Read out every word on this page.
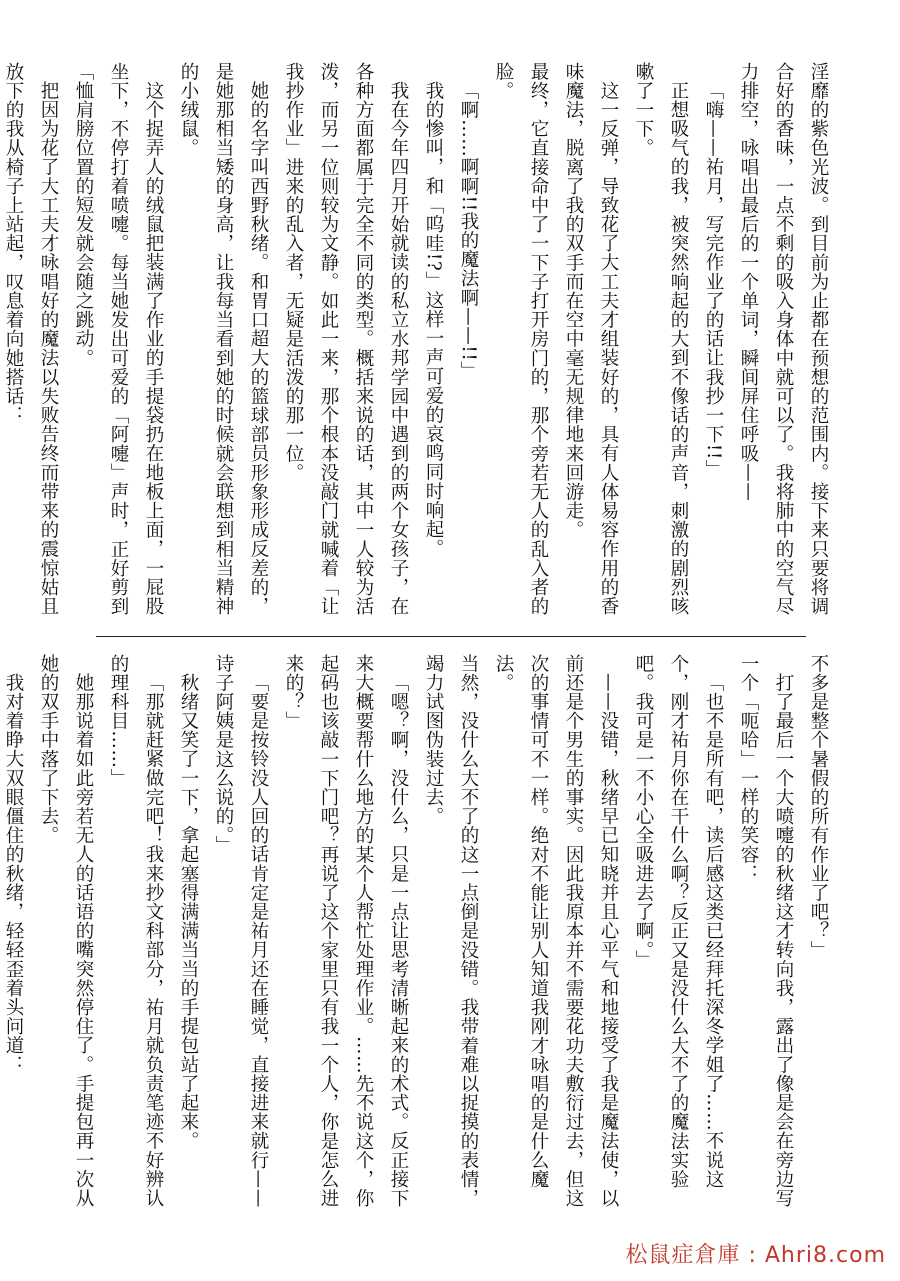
淫靡的紫色光波。到目前为止都在预想的范围内。接下来只要将调合好的香味，一点不剩的吸入身体中就可以了。我将肺中的空气尽力排空，咏唱出最后的一个单词，瞬间屏住呼吸——

「嗨——祐月，写完作业了的话让我抄一下!!」

正想吸气的我，被突然响起的大到不像话的声音，刺激的剧烈咳嗽了一下。

这一反弹，导致花了大工夫才组装好的，具有人体易容作用的香味魔法，脱离了我的双手而在空中毫无规律地来回游走。

最终，它直接命中了一下子打开房门的，那个旁若无人的乱入者的脸。

「啊……啊啊!!我的魔法啊——!!」

我的惨叫，和「呜哇!?」这样一声可爱的哀鸣同时响起。

我在今年四月开始就读的私立水邦学园中遇到的两个女孩子，在各种方面都属于完全不同的类型。概括来说的话，其中一人较为活泼，而另一位则较为文静。如此一来，那个根本没敲门就喊着「让我抄作业」进来的乱入者，无疑是活泼的那一位。

她的名字叫西野秋绪。和胃口超大的篮球部员形象形成反差的，是她那相当矮的身高，让我每当看到她的时候就会联想到相当精神的小绒鼠。

这个捉弄人的绒鼠把装满了作业的手提袋扔在地板上面，一屁股坐下，不停打着喷嚏。每当她发出可爱的「阿嚏」声时，正好剪到「恤肩膀位置的短发就会随之跳动。

把因为花了大工夫才咏唱好的魔法以失败告终而带来的震惊姑且放下的我从椅子上站起，叹息着向她搭话：

不多是整个暑假的所有作业了吧？」

打了最后一个大喷嚏的秋绪这才转向我，露出了像是会在旁边写一个「呃哈」一样的笑容：

「也不是所有吧，读后感这类已经拜托深冬学姐了……不说这个，刚才祐月你在干什么啊？反正又是没什么大不了的魔法实验吧。我可是一不小心全吸进去了啊。」

——没错，秋绪早已知晓并且心平气和地接受了我是魔法使，以前还是个男生的事实。因此我原本并不需要花功夫敷衍过去，但这次的事情可不一样。绝对不能让别人知道我刚才咏唱的是什么魔法。

当然，没什么大不了的这一点倒是没错。我带着难以捉摸的表情，竭力试图伪装过去。

「嗯？啊，没什么，只是一点让思考清晰起来的术式。反正接下来大概要帮什么地方的某个人帮忙处理作业。……先不说这个，你起码也该敲一下门吧？再说了这个家里只有我一个人，你是怎么进来的？」

「要是按铃没人回的话肯定是祐月还在睡觉，直接进来就行——诗子阿姨是这么说的。」

秋绪又笑了一下，拿起塞得满满当当的手提包站了起来。

「那就赶紧做完吧！我来抄文科部分，祐月就负责笔迹不好辨认的理科目……」

她那说着如此旁若无人的话语的嘴突然停住了。手提包再一次从她的双手中落了下去。

我对着睁大双眼僵住的秋绪，轻轻歪着头问道：

松鼠症倉庫 : Ahri8.com
